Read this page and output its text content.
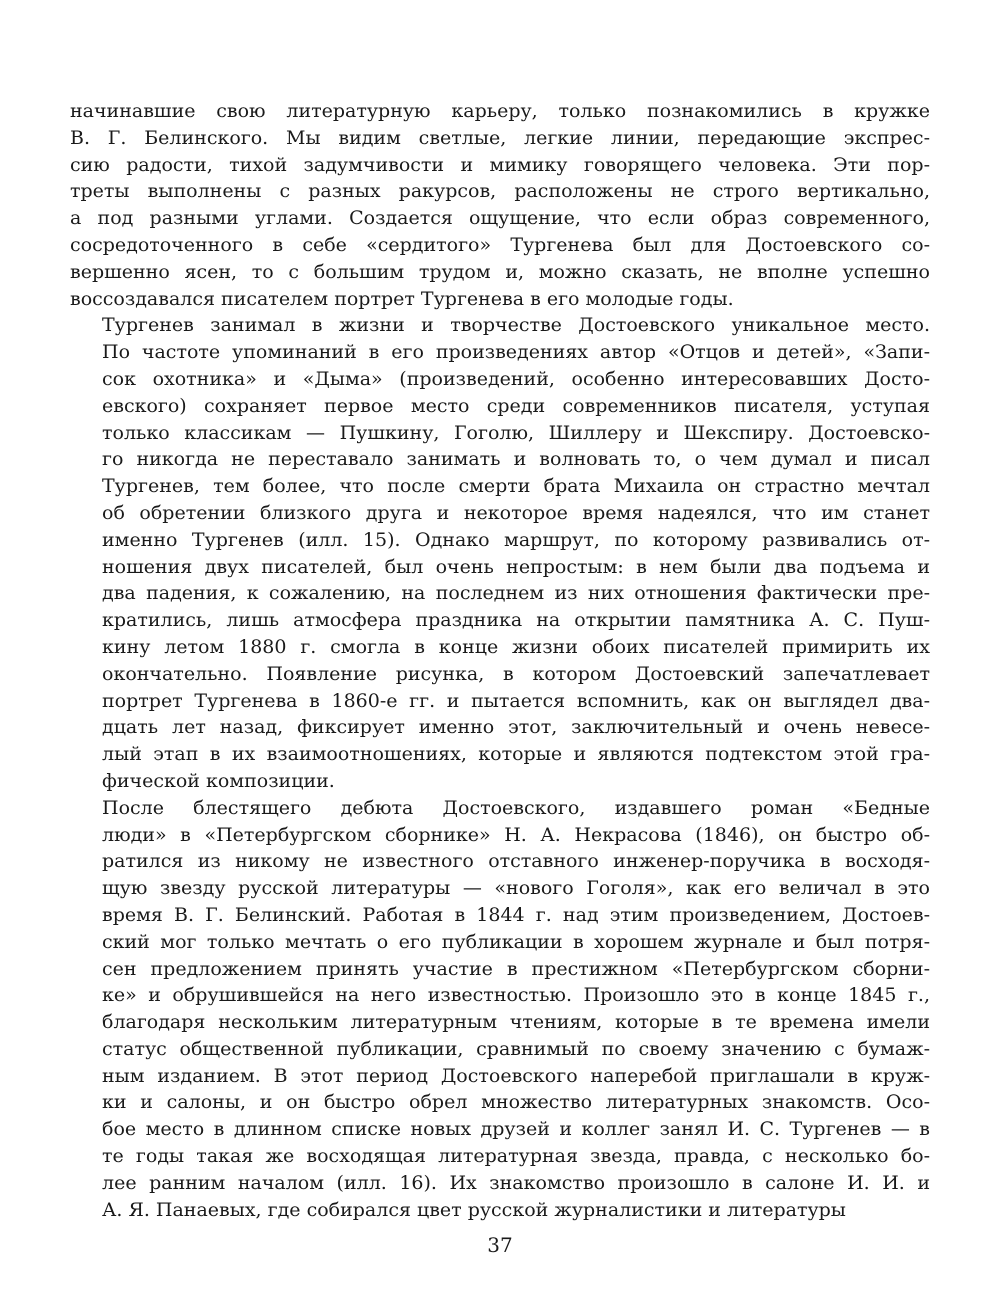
начинавшие свою литературную карьеру, только познакомились в кружке
В. Г. Белинского. Мы видим светлые, легкие линии, передающие экспрес-
сию радости, тихой задумчивости и мимику говорящего человека. Эти пор-
треты выполнены с разных ракурсов, расположены не строго вертикально,
а под разными углами. Создается ощущение, что если образ современного,
сосредоточенного в себе «сердитого» Тургенева был для Достоевского со-
вершенно ясен, то с большим трудом и, можно сказать, не вполне успешно
воссоздавался писателем портрет Тургенева в его молодые годы.

Тургенев занимал в жизни и творчестве Достоевского уникальное место.
По частоте упоминаний в его произведениях автор «Отцов и детей», «Запи-
сок охотника» и «Дыма» (произведений, особенно интересовавших Досто-
евского) сохраняет первое место среди современников писателя, уступая
только классикам — Пушкину, Гоголю, Шиллеру и Шекспиру. Достоевско-
го никогда не переставало занимать и волновать то, о чем думал и писал
Тургенев, тем более, что после смерти брата Михаила он страстно мечтал
об обретении близкого друга и некоторое время надеялся, что им станет
именно Тургенев (илл. 15). Однако маршрут, по которому развивались от-
ношения двух писателей, был очень непростым: в нем были два подъема и
два падения, к сожалению, на последнем из них отношения фактически пре-
кратились, лишь атмосфера праздника на открытии памятника А. С. Пуш-
кину летом 1880 г. смогла в конце жизни обоих писателей примирить их
окончательно. Появление рисунка, в котором Достоевский запечатлевает
портрет Тургенева в 1860-е гг. и пытается вспомнить, как он выглядел два-
дцать лет назад, фиксирует именно этот, заключительный и очень невесе-
лый этап в их взаимоотношениях, которые и являются подтекстом этой гра-
фической композиции.

После блестящего дебюта Достоевского, издавшего роман «Бедные
люди» в «Петербургском сборнике» Н. А. Некрасова (1846), он быстро об-
ратился из никому не известного отставного инженер-поручика в восходя-
щую звезду русской литературы — «нового Гоголя», как его величал в это
время В. Г. Белинский. Работая в 1844 г. над этим произведением, Достоев-
ский мог только мечтать о его публикации в хорошем журнале и был потря-
сен предложением принять участие в престижном «Петербургском сборни-
ке» и обрушившейся на него известностью. Произошло это в конце 1845 г.,
благодаря нескольким литературным чтениям, которые в те времена имели
статус общественной публикации, сравнимый по своему значению с бумаж-
ным изданием. В этот период Достоевского наперебой приглашали в круж-
ки и салоны, и он быстро обрел множество литературных знакомств. Осо-
бое место в длинном списке новых друзей и коллег занял И. С. Тургенев — в
те годы такая же восходящая литературная звезда, правда, с несколько бо-
лее ранним началом (илл. 16). Их знакомство произошло в салоне И. И. и
А. Я. Панаевых, где собирался цвет русской журналистики и литературы

37
